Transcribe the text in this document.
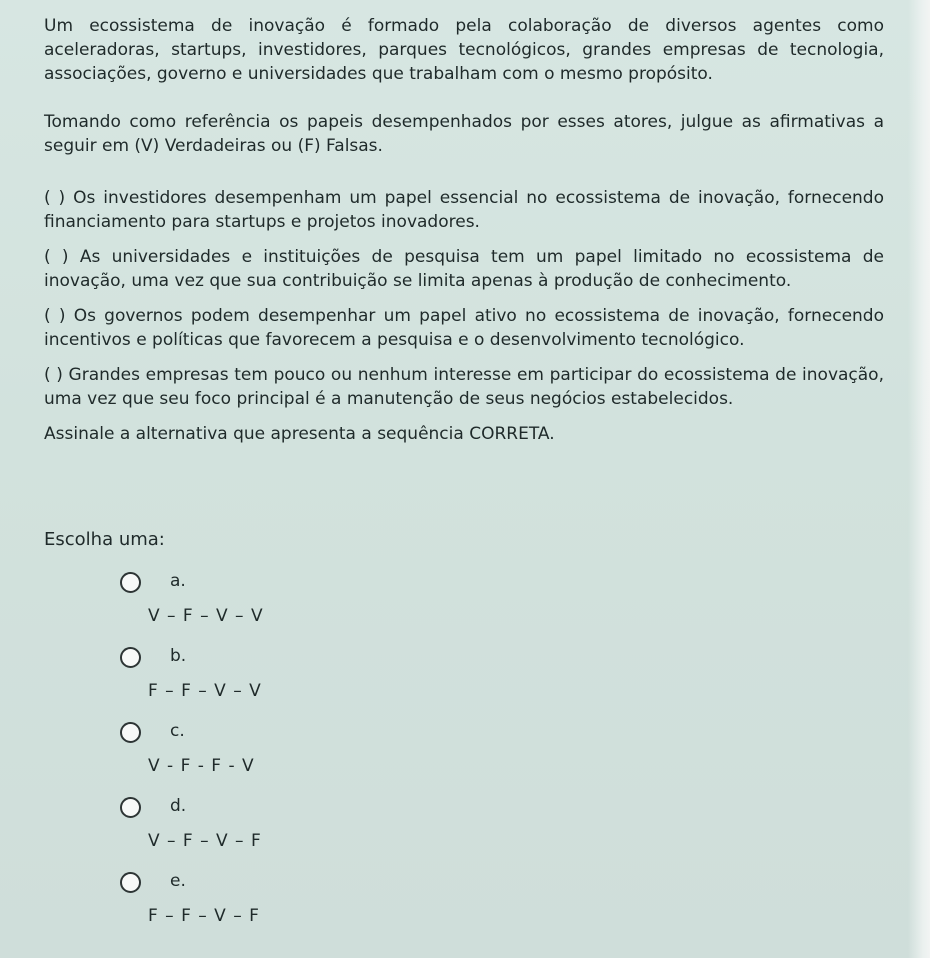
Um ecossistema de inovação é formado pela colaboração de diversos agentes como aceleradoras, startups, investidores, parques tecnológicos, grandes empresas de tecnologia, associações, governo e universidades que trabalham com o mesmo propósito.

Tomando como referência os papeis desempenhados por esses atores, julgue as afirmativas a seguir em (V) Verdadeiras ou (F) Falsas.

( ) Os investidores desempenham um papel essencial no ecossistema de inovação, fornecendo financiamento para startups e projetos inovadores.

( ) As universidades e instituições de pesquisa tem um papel limitado no ecossistema de inovação, uma vez que sua contribuição se limita apenas à produção de conhecimento.

( ) Os governos podem desempenhar um papel ativo no ecossistema de inovação, fornecendo incentivos e políticas que favorecem a pesquisa e o desenvolvimento tecnológico.

( ) Grandes empresas tem pouco ou nenhum interesse em participar do ecossistema de inovação, uma vez que seu foco principal é a manutenção de seus negócios estabelecidos.

Assinale a alternativa que apresenta a sequência CORRETA.

Escolha uma:
a.
V – F – V – V
b.
F – F – V – V
c.
V - F - F - V
d.
V – F – V – F
e.
F – F – V – F
